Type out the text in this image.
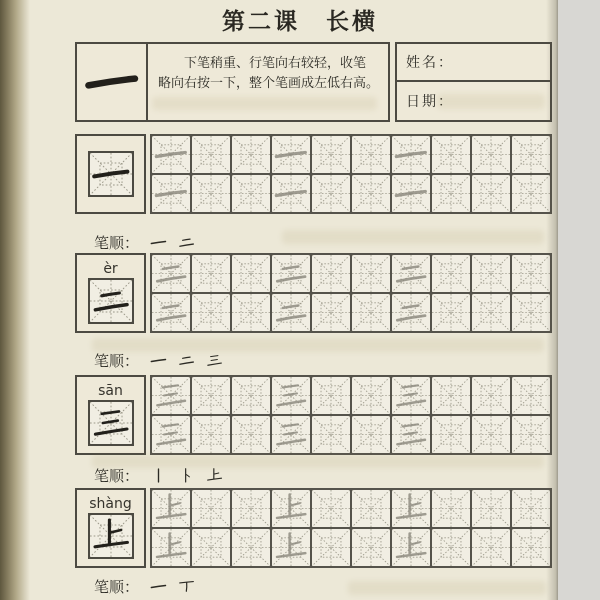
第二课　长横
下笔稍重、行笔向右较轻，收笔
略向右按一下，整个笔画成左低右高。
姓名：
日期：
èr
sān
shàng
笔顺：
笔顺：
笔顺：
笔顺：
